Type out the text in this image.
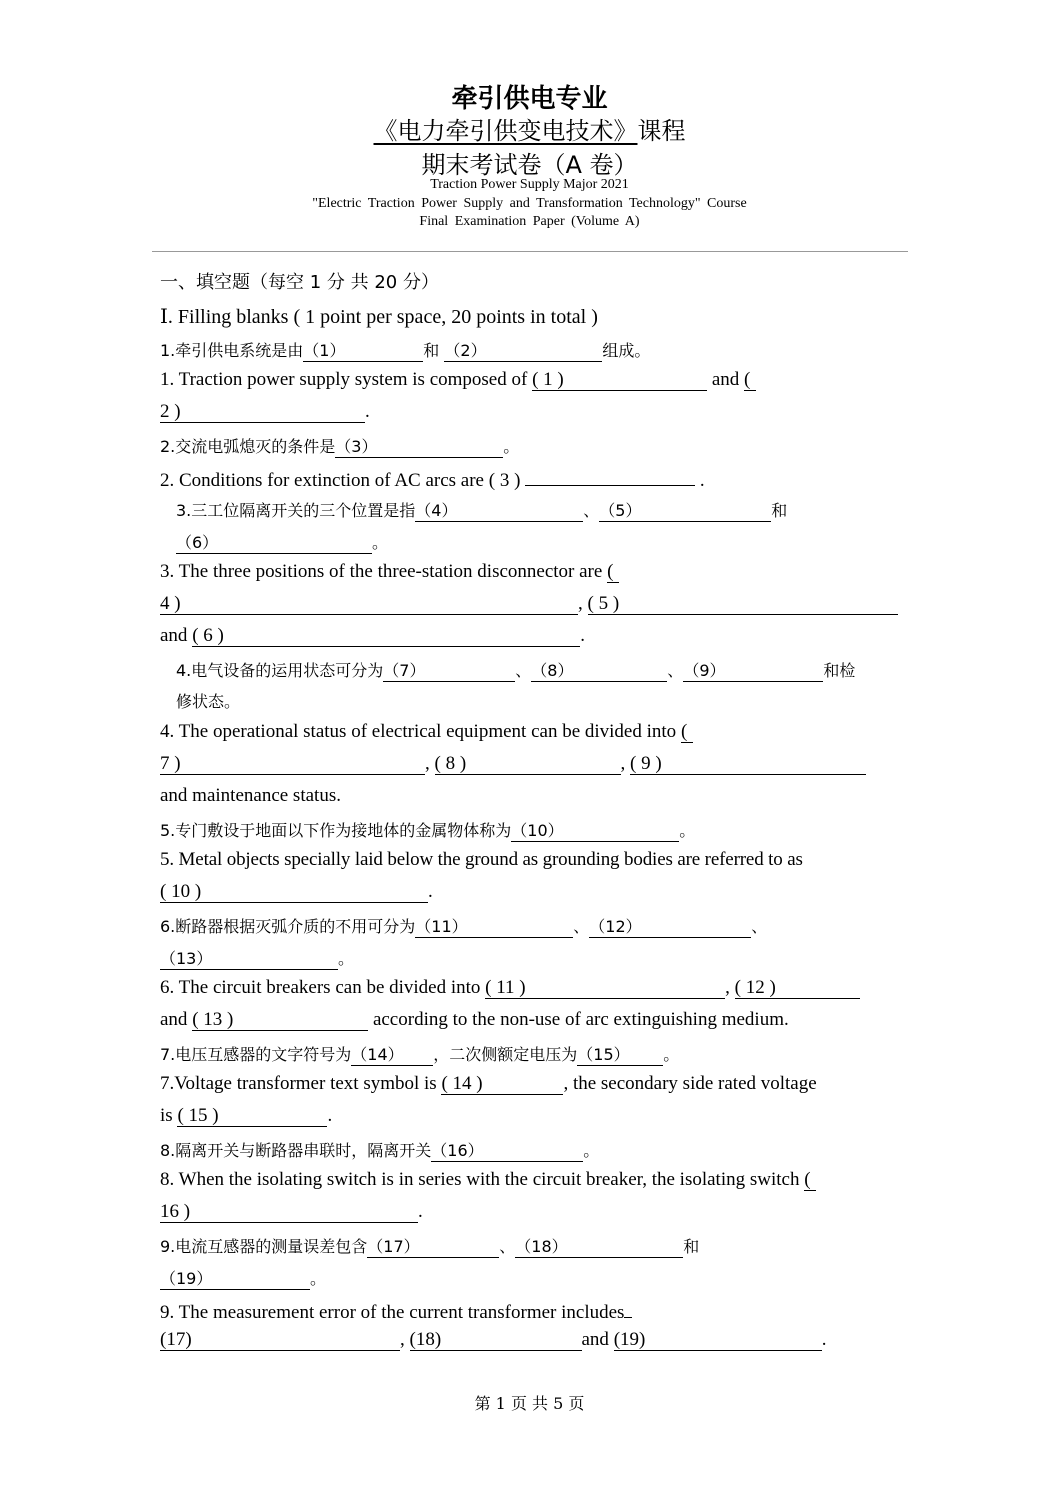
牵引供电专业
《电力牵引供变电技术》课程
期末考试卷（A 卷）
Traction Power Supply Major 2021
"Electric Traction Power Supply and Transformation Technology" Course
Final Examination Paper (Volume A)
一、填空题（每空 1 分 共 20 分）
Ⅰ. Filling blanks ( 1 point per space, 20 points in total )
1.牵引供电系统是由（1）	和 （2）	组成。
1. Traction power supply system is composed of ( 1 )	and (
2 )	.
2.交流电弧熄灭的条件是（3）	。
2. Conditions for extinction of AC arcs are ( 3 )	.
3.三工位隔离开关的三个位置是指（4）	、（5）	和
（6）	。
3. The three positions of the three-station disconnector are (
4 )	, ( 5 )
and ( 6 )	.
4.电气设备的运用状态可分为（7）	、（8）	、（9）	和检
修状态。
4. The operational status of electrical equipment can be divided into (
7 )	, ( 8 )	, ( 9 )
and maintenance status.
5.专门敷设于地面以下作为接地体的金属物体称为（10）	。
5. Metal objects specially laid below the ground as grounding bodies are referred to as
( 10 )	.
6.断路器根据灭弧介质的不用可分为（11）	、（12）	、
（13）	。
6. The circuit breakers can be divided into ( 11 )	, ( 12 )
and ( 13 )	according to the non-use of arc extinguishing medium.
7.电压互感器的文字符号为（14） ，二次侧额定电压为（15） 。
7.Voltage transformer text symbol is ( 14 )	, the secondary side rated voltage
is ( 15 )	.
8.隔离开关与断路器串联时，隔离开关（16）	。
8. When the isolating switch is in series with the circuit breaker, the isolating switch (
16 )	.
9.电流互感器的测量误差包含（17）	、（18）	和
（19）	。
9. The measurement error of the current transformer includes
(17)	, (18)	and (19)	.
第 1 页 共 5 页
